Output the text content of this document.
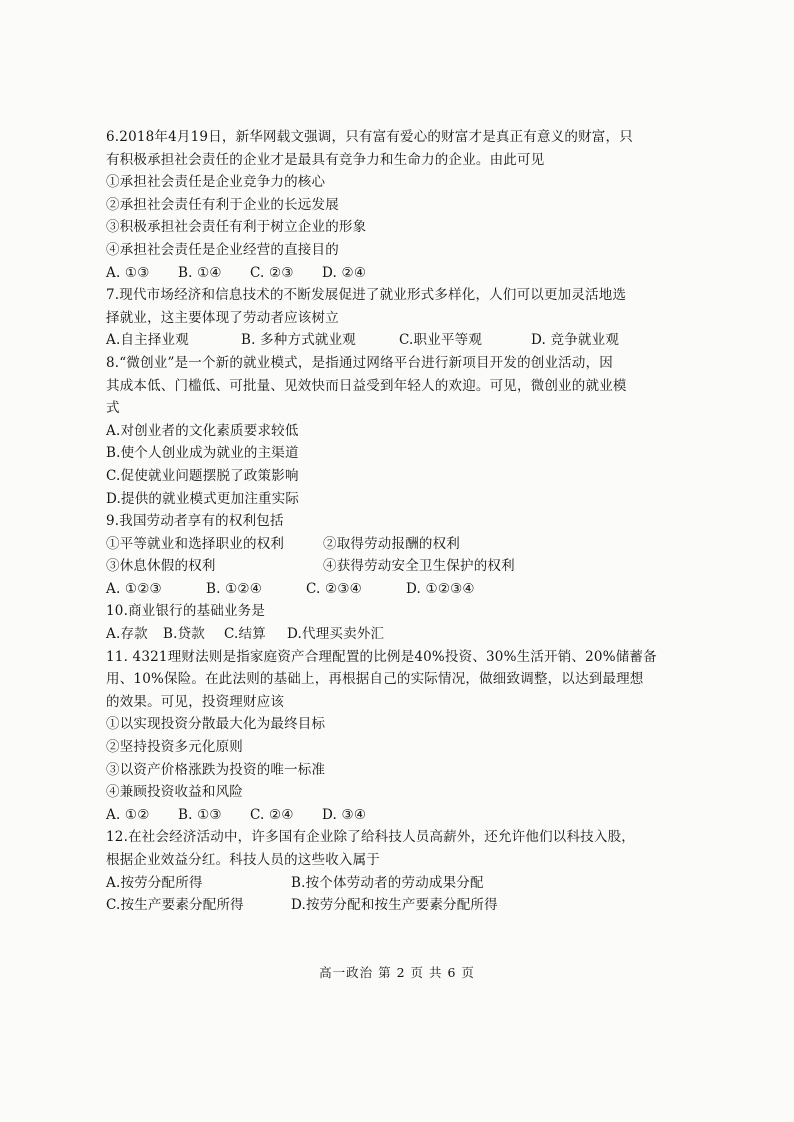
6.2018年4月19日，新华网载文强调，只有富有爱心的财富才是真正有意义的财富，只
有积极承担社会责任的企业才是最具有竞争力和生命力的企业。由此可见
①承担社会责任是企业竞争力的核心
②承担社会责任有利于企业的长远发展
③积极承担社会责任有利于树立企业的形象
④承担社会责任是企业经营的直接目的
A. ①③	B. ①④	C. ②③	D. ②④
7.现代市场经济和信息技术的不断发展促进了就业形式多样化，人们可以更加灵活地选
择就业，这主要体现了劳动者应该树立
A.自主择业观	B. 多种方式就业观	C.职业平等观	D. 竞争就业观
8.“微创业”是一个新的就业模式，是指通过网络平台进行新项目开发的创业活动，因
其成本低、门槛低、可批量、见效快而日益受到年轻人的欢迎。可见，微创业的就业模
式
A.对创业者的文化素质要求较低
B.使个人创业成为就业的主渠道
C.促使就业问题摆脱了政策影响
D.提供的就业模式更加注重实际
9.我国劳动者享有的权利包括
①平等就业和选择职业的权利	②取得劳动报酬的权利
③休息休假的权利	④获得劳动安全卫生保护的权利
A. ①②③	B. ①②④	C. ②③④	D. ①②③④
10.商业银行的基础业务是
A.存款	B.贷款	C.结算	D.代理买卖外汇
11. 4321理财法则是指家庭资产合理配置的比例是40%投资、30%生活开销、20%储蓄备
用、10%保险。在此法则的基础上，再根据自己的实际情况，做细致调整，以达到最理想
的效果。可见，投资理财应该
①以实现投资分散最大化为最终目标
②坚持投资多元化原则
③以资产价格涨跌为投资的唯一标准
④兼顾投资收益和风险
A. ①②	B. ①③	C. ②④	D. ③④
12.在社会经济活动中，许多国有企业除了给科技人员高薪外，还允许他们以科技入股，
根据企业效益分红。科技人员的这些收入属于
A.按劳分配所得	B.按个体劳动者的劳动成果分配
C.按生产要素分配所得	D.按劳分配和按生产要素分配所得
高一政治 第 2 页 共 6 页
